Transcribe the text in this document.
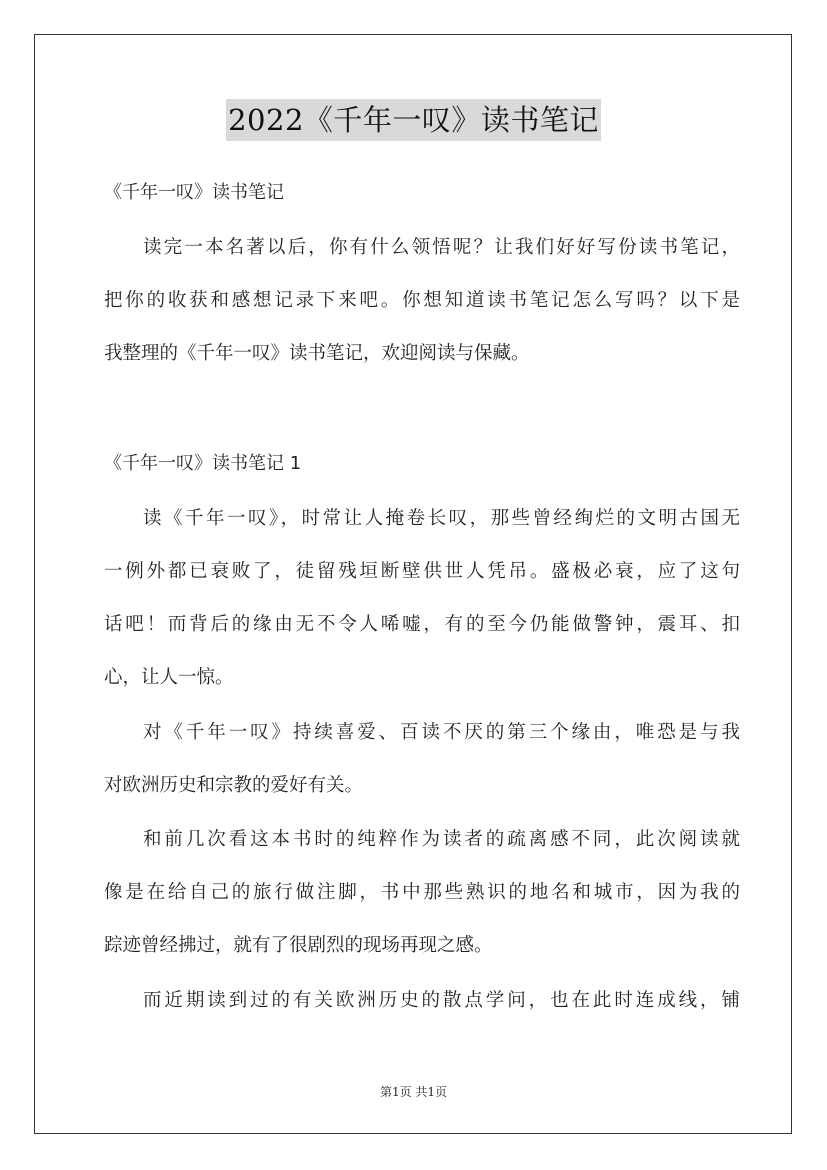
2022《千年一叹》读书笔记
《千年一叹》读书笔记
读完一本名著以后，你有什么领悟呢？让我们好好写份读书笔记，
把你的收获和感想记录下来吧。你想知道读书笔记怎么写吗？以下是
我整理的《千年一叹》读书笔记，欢迎阅读与保藏。
《千年一叹》读书笔记 1
读《千年一叹》，时常让人掩卷长叹，那些曾经绚烂的文明古国无
一例外都已衰败了，徒留残垣断壁供世人凭吊。盛极必衰，应了这句
话吧！而背后的缘由无不令人唏嘘，有的至今仍能做警钟，震耳、扣
心，让人一惊。
对《千年一叹》持续喜爱、百读不厌的第三个缘由，唯恐是与我
对欧洲历史和宗教的爱好有关。
和前几次看这本书时的纯粹作为读者的疏离感不同，此次阅读就
像是在给自己的旅行做注脚，书中那些熟识的地名和城市，因为我的
踪迹曾经拂过，就有了很剧烈的现场再现之感。
而近期读到过的有关欧洲历史的散点学问，也在此时连成线，铺
第1页 共1页
